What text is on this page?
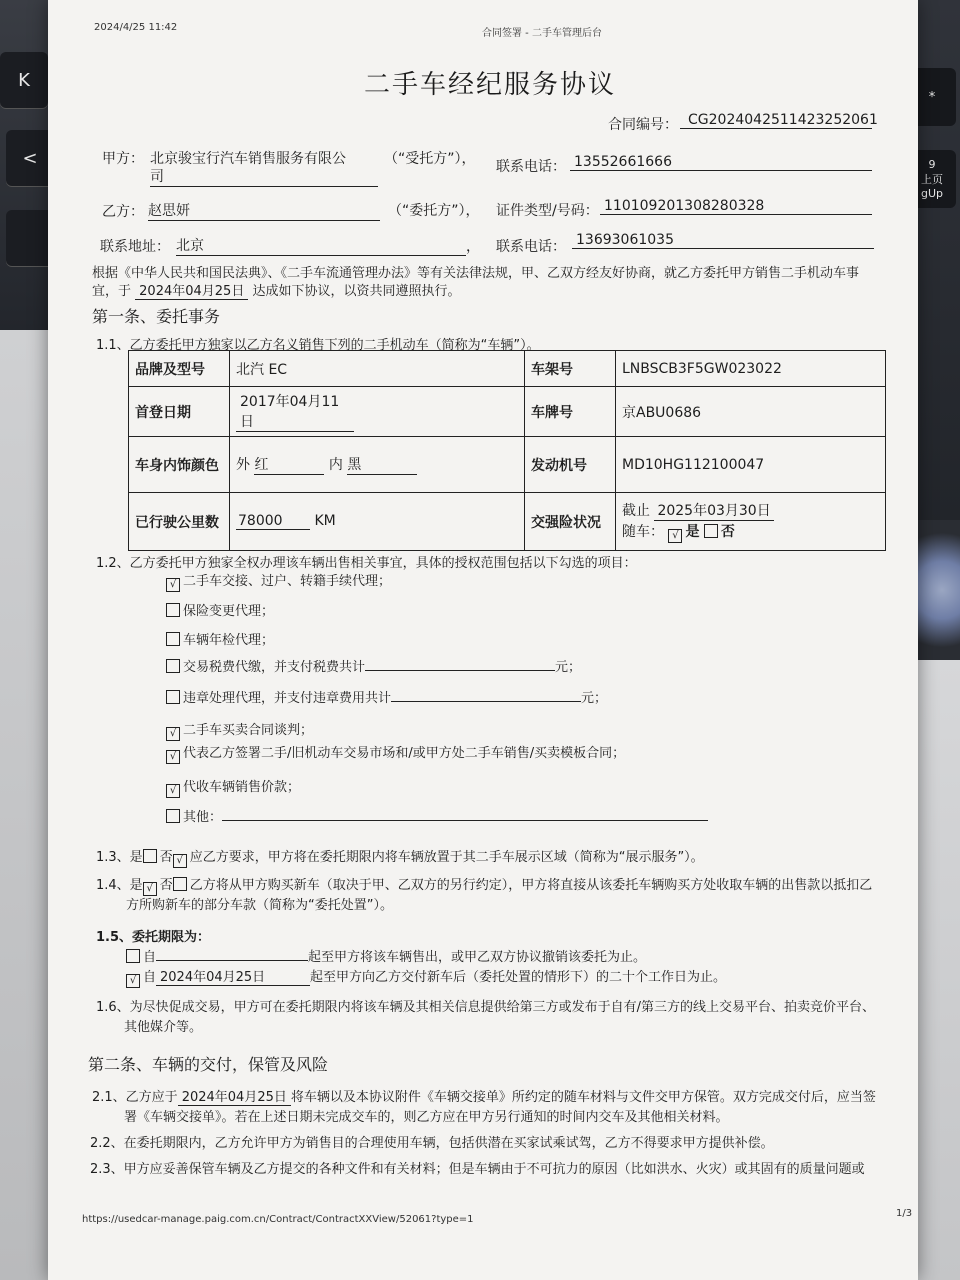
K
<
*
9
上页
gUp
2024/4/25 11:42
合同签署 - 二手车管理后台
二手车经纪服务协议
合同编号： CG2024042511423252061
甲方： 北京骏宝行汽车销售服务有限公
司
（“受托方”）， 联系电话： 13552661666
乙方： 赵思妍	（“委托方”）， 证件类型/号码： 110109201308280328
联系地址： 北京	， 联系电话： 13693061035
根据《中华人民共和国民法典》、《二手车流通管理办法》等有关法律法规，甲、乙双方经友好协商，就乙方委托甲方销售二手机动车事
宜，于 2024年04月25日 达成如下协议，以资共同遵照执行。
第一条、委托事务
1.1、乙方委托甲方独家以乙方名义销售下列的二手机动车（简称为“车辆”）。
品牌及型号	北汽 EC	车架号	LNBSCB3F5GW023022
首登日期	2017年04月11日	车牌号	京ABU0686
车身内饰颜色	外 红 内 黑	发动机号	MD10HG112100047
已行驶公里数	78000 KM	交强险状况	截止 2025年03月30日
随车： √ 是 否
1.2、乙方委托甲方独家全权办理该车辆出售相关事宜，具体的授权范围包括以下勾选的项目：
1.3、是 否 √ 应乙方要求，甲方将在委托期限内将车辆放置于其二手车展示区域（简称为“展示服务”）。
1.4、是 √ 否 乙方将从甲方购买新车（取决于甲、乙双方的另行约定），甲方将直接从该委托车辆购买方处收取车辆的出售款以抵扣乙
方所购新车的部分车款（简称为“委托处置”）。
1.5、委托期限为：
自	起至甲方将该车辆售出，或甲乙双方协议撤销该委托为止。
√ 自 2024年04月25日	起至甲方向乙方交付新车后（委托处置的情形下）的二十个工作日为止。
1.6、为尽快促成交易，甲方可在委托期限内将该车辆及其相关信息提供给第三方或发布于自有/第三方的线上交易平台、拍卖竞价平台、
其他媒介等。
第二条、车辆的交付，保管及风险
2.1、乙方应于 2024年04月25日 将车辆以及本协议附件《车辆交接单》所约定的随车材料与文件交甲方保管。双方完成交付后，应当签
署《车辆交接单》。若在上述日期未完成交车的，则乙方应在甲方另行通知的时间内交车及其他相关材料。
2.2、在委托期限内，乙方允许甲方为销售目的合理使用车辆，包括供潜在买家试乘试驾，乙方不得要求甲方提供补偿。
2.3、甲方应妥善保管车辆及乙方提交的各种文件和有关材料；但是车辆由于不可抗力的原因（比如洪水、火灾）或其固有的质量问题或
https://usedcar-manage.paig.com.cn/Contract/ContractXXView/52061?type=1
1/3
√ 二手车交接、过户、转籍手续代理；
保险变更代理；
车辆年检代理；
交易税费代缴，并支付税费共计	元；
违章处理代理，并支付违章费用共计	元；
√ 二手车买卖合同谈判；
√ 代表乙方签署二手/旧机动车交易市场和/或甲方处二手车销售/买卖模板合同；
√ 代收车辆销售价款；
其他：
